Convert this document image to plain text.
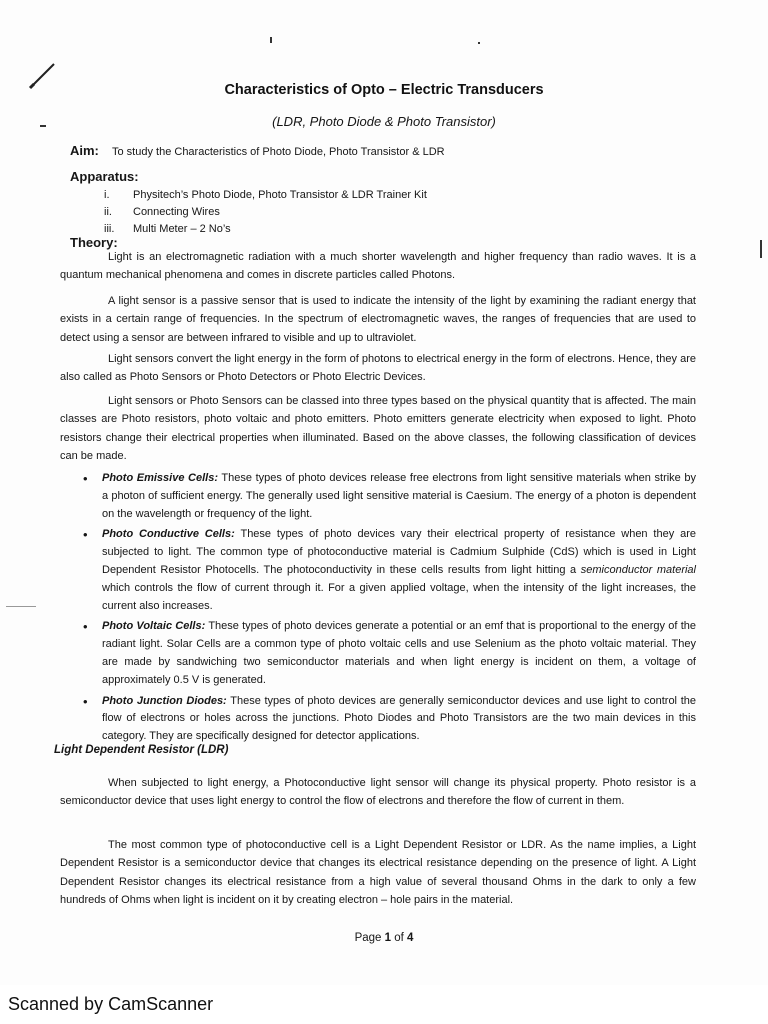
Characteristics of Opto – Electric Transducers
(LDR, Photo Diode & Photo Transistor)
Aim: To study the Characteristics of Photo Diode, Photo Transistor & LDR
Apparatus:
i.	Physitech’s Photo Diode, Photo Transistor & LDR Trainer Kit
ii.	Connecting Wires
iii.	Multi Meter – 2 No’s
Theory:
Light is an electromagnetic radiation with a much shorter wavelength and higher frequency than radio waves. It is a quantum mechanical phenomena and comes in discrete particles called Photons.
A light sensor is a passive sensor that is used to indicate the intensity of the light by examining the radiant energy that exists in a certain range of frequencies. In the spectrum of electromagnetic waves, the ranges of frequencies that are used to detect using a sensor are between infrared to visible and up to ultraviolet.
Light sensors convert the light energy in the form of photons to electrical energy in the form of electrons. Hence, they are also called as Photo Sensors or Photo Detectors or Photo Electric Devices.
Light sensors or Photo Sensors can be classed into three types based on the physical quantity that is affected. The main classes are Photo resistors, photo voltaic and photo emitters. Photo emitters generate electricity when exposed to light. Photo resistors change their electrical properties when illuminated. Based on the above classes, the following classification of devices can be made.
• Photo Emissive Cells: These types of photo devices release free electrons from light sensitive materials when strike by a photon of sufficient energy. The generally used light sensitive material is Caesium. The energy of a photon is dependent on the wavelength or frequency of the light.
• Photo Conductive Cells: These types of photo devices vary their electrical property of resistance when they are subjected to light. The common type of photoconductive material is Cadmium Sulphide (CdS) which is used in Light Dependent Resistor Photocells. The photoconductivity in these cells results from light hitting a semiconductor material which controls the flow of current through it. For a given applied voltage, when the intensity of the light increases, the current also increases.
• Photo Voltaic Cells: These types of photo devices generate a potential or an emf that is proportional to the energy of the radiant light. Solar Cells are a common type of photo voltaic cells and use Selenium as the photo voltaic material. They are made by sandwiching two semiconductor materials and when light energy is incident on them, a voltage of approximately 0.5 V is generated.
• Photo Junction Diodes: These types of photo devices are generally semiconductor devices and use light to control the flow of electrons or holes across the junctions. Photo Diodes and Photo Transistors are the two main devices in this category. They are specifically designed for detector applications.
Light Dependent Resistor (LDR)
When subjected to light energy, a Photoconductive light sensor will change its physical property. Photo resistor is a semiconductor device that uses light energy to control the flow of electrons and therefore the flow of current in them.
The most common type of photoconductive cell is a Light Dependent Resistor or LDR. As the name implies, a Light Dependent Resistor is a semiconductor device that changes its electrical resistance depending on the presence of light. A Light Dependent Resistor changes its electrical resistance from a high value of several thousand Ohms in the dark to only a few hundreds of Ohms when light is incident on it by creating electron – hole pairs in the material.
Page 1 of 4
Scanned by CamScanner
